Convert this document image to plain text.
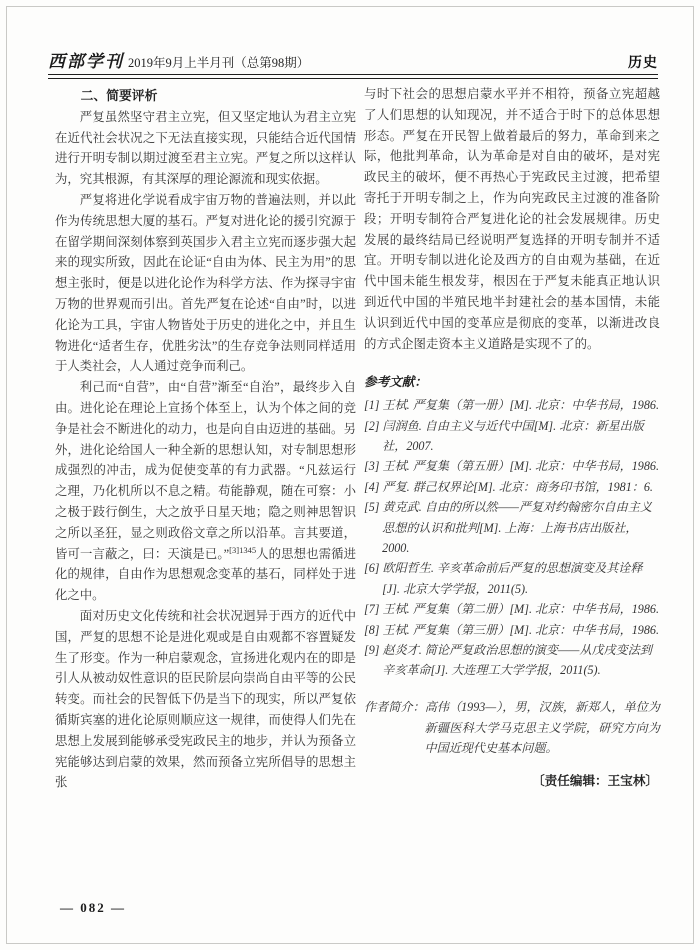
西部学刊 2019年9月上半月刊（总第98期）	历史

二、简要评析

严复虽然坚守君主立宪，但又坚定地认为君主立宪在近代社会状况之下无法直接实现，只能结合近代国情进行开明专制以期过渡至君主立宪。严复之所以这样认为，究其根源，有其深厚的理论源流和现实依据。

严复将进化学说看成宇宙万物的普遍法则，并以此作为传统思想大厦的基石。严复对进化论的援引究源于在留学期间深刻体察到英国步入君主立宪而逐步强大起来的现实所致，因此在论证“自由为体、民主为用”的思想主张时，便是以进化论作为科学方法、作为探寻宇宙万物的世界观而引出。首先严复在论述“自由”时，以进化论为工具，宇宙人物皆处于历史的进化之中，并且生物进化“适者生存，优胜劣汰”的生存竞争法则同样适用于人类社会，人人通过竞争而利己。

利己而“自营”，由“自营”渐至“自治”，最终步入自由。进化论在理论上宣扬个体至上，认为个体之间的竞争是社会不断进化的动力，也是向自由迈进的基础。另外，进化论给国人一种全新的思想认知，对专制思想形成强烈的冲击，成为促使变革的有力武器。“凡兹运行之理，乃化机所以不息之精。苟能静观，随在可察：小之极于跂行倒生，大之放乎日星天地；隐之则神思智识之所以圣狂，显之则政俗文章之所以沿革。言其要道，皆可一言蔽之，曰：天演是已。”$^{[3]1345}$人的思想也需循进化的规律，自由作为思想观念变革的基石，同样处于进化之中。

面对历史文化传统和社会状况迥异于西方的近代中国，严复的思想不论是进化观或是自由观都不容置疑发生了形变。作为一种启蒙观念，宣扬进化观内在的即是引人从被动奴性意识的臣民阶层向崇尚自由平等的公民转变。而社会的民智低下仍是当下的现实，所以严复依循斯宾塞的进化论原则顺应这一规律，而使得人们先在思想上发展到能够承受宪政民主的地步，并认为预备立宪能够达到启蒙的效果，然而预备立宪所倡导的思想主张

与时下社会的思想启蒙水平并不相符，预备立宪超越了人们思想的认知现况，并不适合于时下的总体思想形态。严复在开民智上做着最后的努力，革命到来之际，他批判革命，认为革命是对自由的破坏，是对宪政民主的破坏，便不再热心于宪政民主过渡，把希望寄托于开明专制之上，作为向宪政民主过渡的准备阶段；开明专制符合严复进化论的社会发展规律。历史发展的最终结局已经说明严复选择的开明专制并不适宜。开明专制以进化论及西方的自由观为基础，在近代中国未能生根发芽，根因在于严复未能真正地认识到近代中国的半殖民地半封建社会的基本国情，未能认识到近代中国的变革应是彻底的变革，以渐进改良的方式企图走资本主义道路是实现不了的。

参考文献：

[1] 王栻. 严复集（第一册）[M]. 北京：中华书局，1986.

[2] 闫润鱼. 自由主义与近代中国[M]. 北京：新星出版社，2007.

[3] 王栻. 严复集（第五册）[M]. 北京：中华书局，1986.

[4] 严复. 群己权界论[M]. 北京：商务印书馆，1981：6.

[5] 黄克武. 自由的所以然——严复对约翰密尔自由主义思想的认识和批判[M]. 上海：上海书店出版社，2000.

[6] 欧阳哲生. 辛亥革命前后严复的思想演变及其诠释[J]. 北京大学学报，2011(5).

[7] 王栻. 严复集（第二册）[M]. 北京：中华书局，1986.

[8] 王栻. 严复集（第三册）[M]. 北京：中华书局，1986.

[9] 赵炎才. 简论严复政治思想的演变——从戊戌变法到辛亥革命[J]. 大连理工大学学报，2011(5).

作者简介：高伟（1993—），男，汉族，新郑人，单位为新疆医科大学马克思主义学院，研究方向为中国近现代史基本问题。

〔责任编辑：王宝林〕

— 082 —
